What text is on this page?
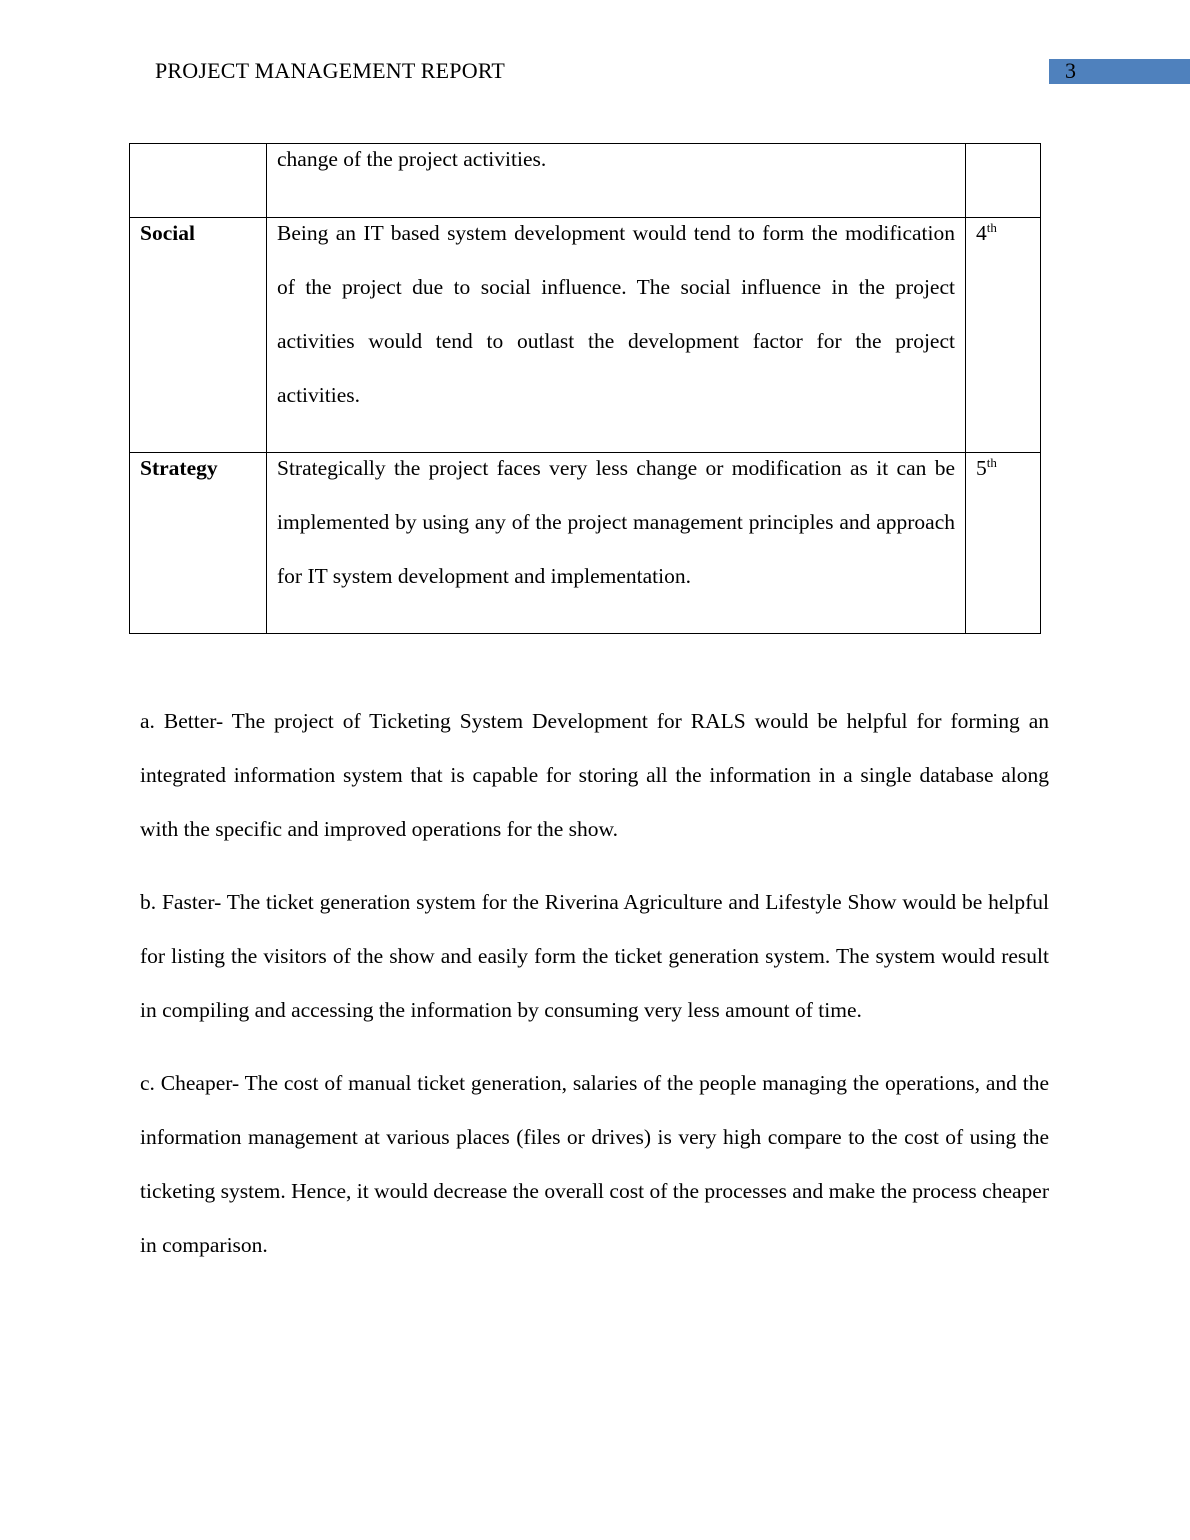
PROJECT MANAGEMENT REPORT	3

	change of the project activities.	

Social	Being an IT based system development would tend to form the modification of the project due to social influence. The social influence in the project activities would tend to outlast the development factor for the project activities.	4th

Strategy	Strategically the project faces very less change or modification as it can be implemented by using any of the project management principles and approach for IT system development and implementation.	5th

a. Better- The project of Ticketing System Development for RALS would be helpful for forming an integrated information system that is capable for storing all the information in a single database along with the specific and improved operations for the show.

b. Faster- The ticket generation system for the Riverina Agriculture and Lifestyle Show would be helpful for listing the visitors of the show and easily form the ticket generation system. The system would result in compiling and accessing the information by consuming very less amount of time.

c. Cheaper- The cost of manual ticket generation, salaries of the people managing the operations, and the information management at various places (files or drives) is very high compare to the cost of using the ticketing system. Hence, it would decrease the overall cost of the processes and make the process cheaper in comparison.
